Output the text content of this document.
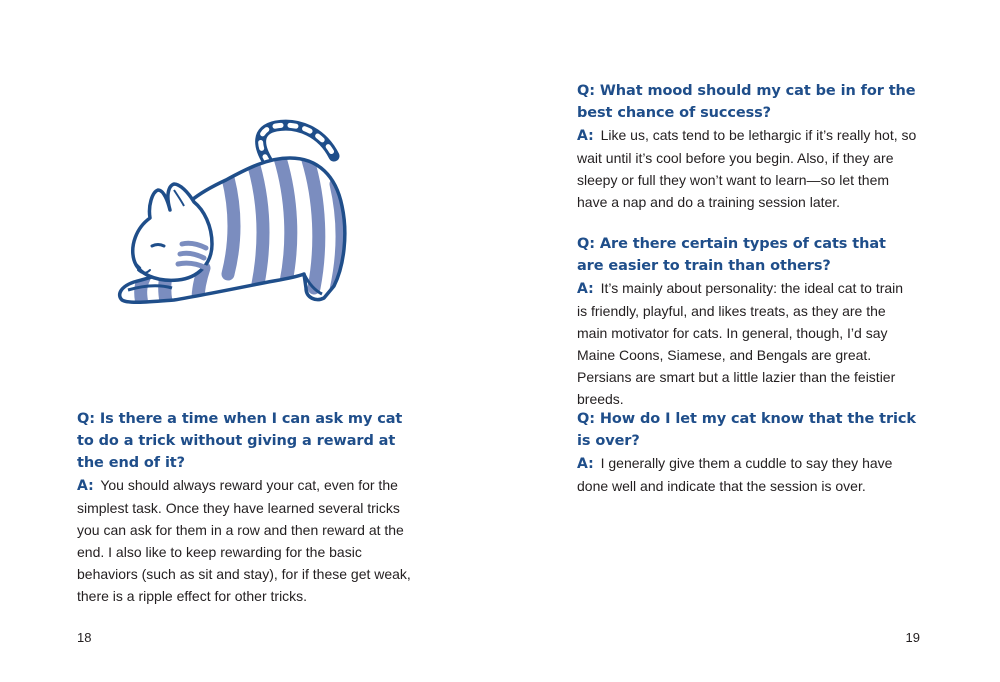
Q: Is there a time when I can ask my cat to do a trick without giving a reward at the end of it?
A: You should always reward your cat, even for the simplest task. Once they have learned several tricks you can ask for them in a row and then reward at the end. I also like to keep rewarding for the basic behaviors (such as sit and stay), for if these get weak, there is a ripple effect for other tricks.
18
Q: What mood should my cat be in for the best chance of success?
A: Like us, cats tend to be lethargic if it’s really hot, so wait until it’s cool before you begin. Also, if they are sleepy or full they won’t want to learn—so let them have a nap and do a training session later.
Q: Are there certain types of cats that are easier to train than others?
A: It’s mainly about personality: the ideal cat to train is friendly, playful, and likes treats, as they are the main motivator for cats. In general, though, I’d say Maine Coons, Siamese, and Bengals are great. Persians are smart but a little lazier than the feistier breeds.
Q: How do I let my cat know that the trick is over?
A: I generally give them a cuddle to say they have done well and indicate that the session is over.
19
